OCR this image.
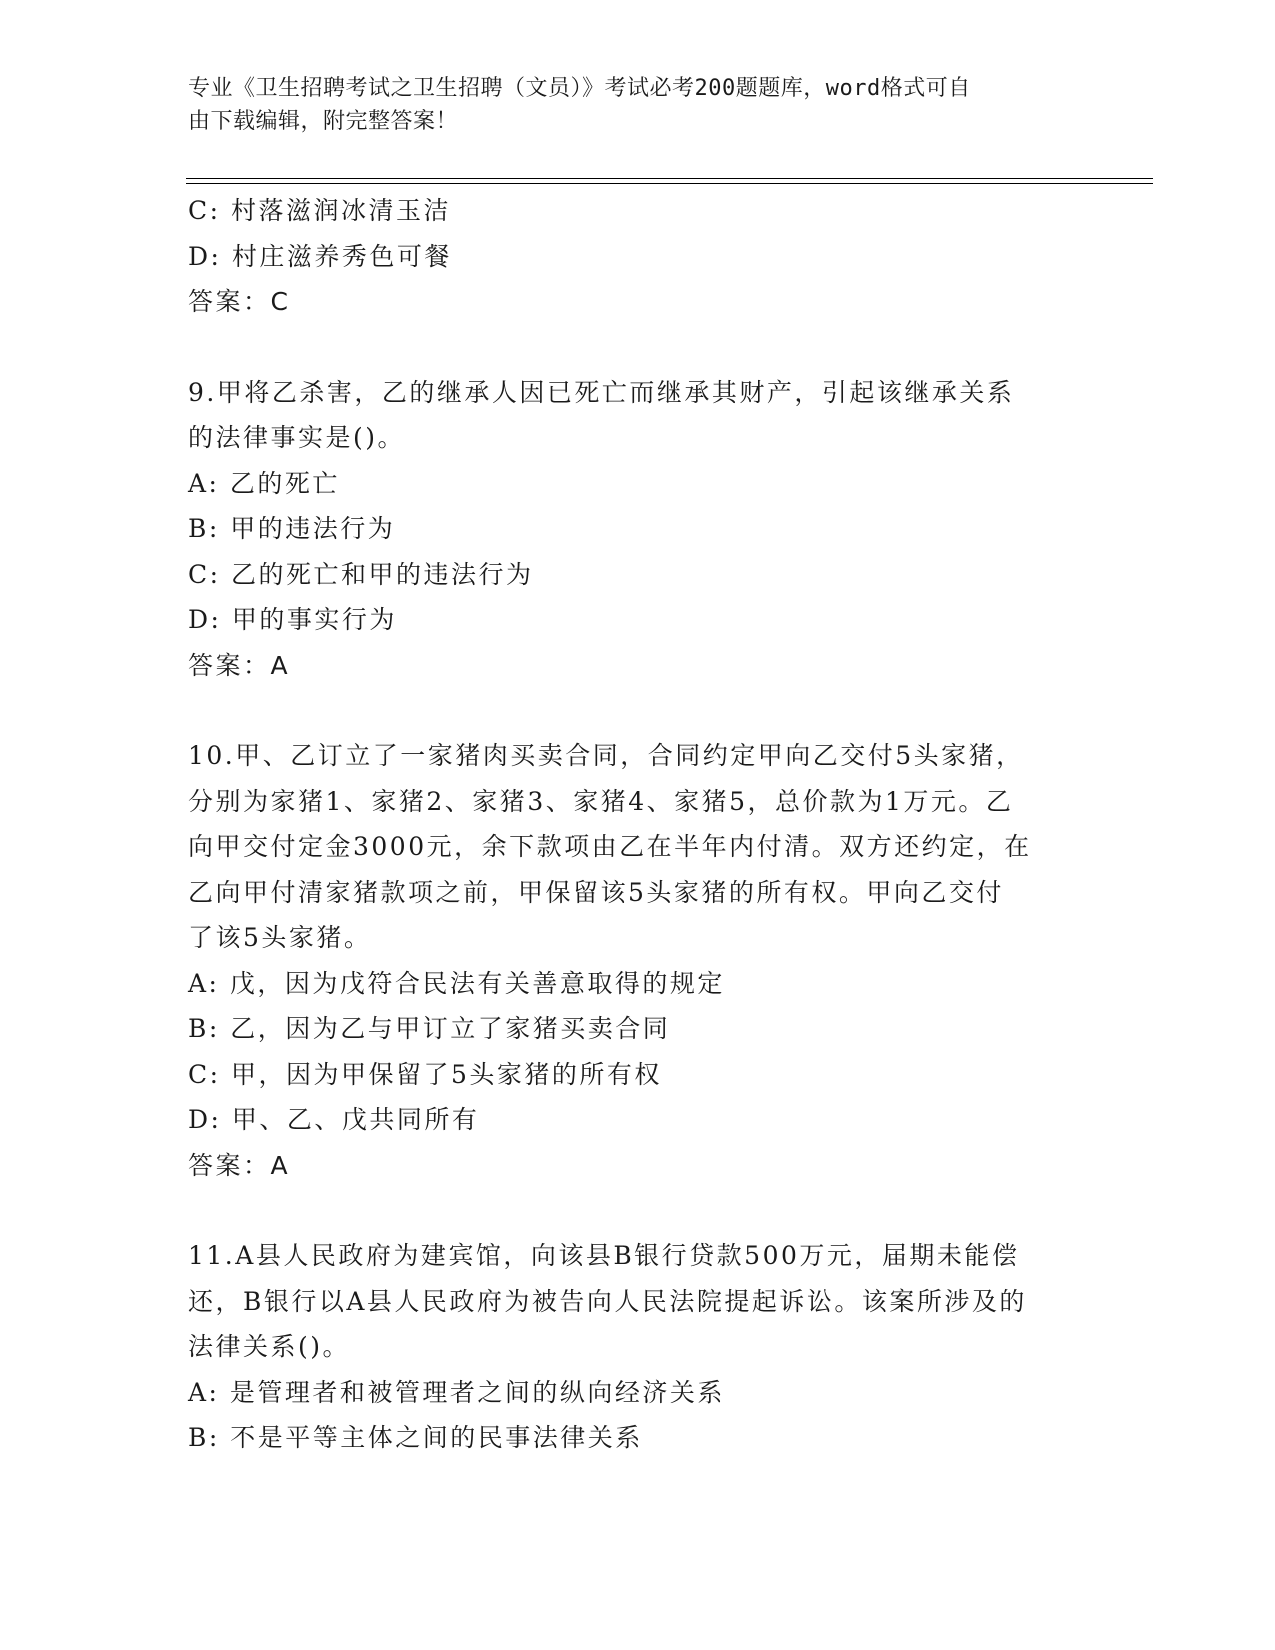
专业《卫生招聘考试之卫生招聘（文员）》考试必考200题题库，word格式可自
由下载编辑，附完整答案！
C: 村落滋润冰清玉洁
D: 村庄滋养秀色可餐
答案：C
9.甲将乙杀害，乙的继承人因已死亡而继承其财产，引起该继承关系
的法律事实是()。
A: 乙的死亡
B: 甲的违法行为
C: 乙的死亡和甲的违法行为
D: 甲的事实行为
答案：A
10.甲、乙订立了一家猪肉买卖合同，合同约定甲向乙交付5头家猪，
分别为家猪1、家猪2、家猪3、家猪4、家猪5，总价款为1万元。乙
向甲交付定金3000元，余下款项由乙在半年内付清。双方还约定，在
乙向甲付清家猪款项之前，甲保留该5头家猪的所有权。甲向乙交付
了该5头家猪。
A: 戊，因为戊符合民法有关善意取得的规定
B: 乙，因为乙与甲订立了家猪买卖合同
C: 甲，因为甲保留了5头家猪的所有权
D: 甲、乙、戊共同所有
答案：A
11.A县人民政府为建宾馆，向该县B银行贷款500万元，届期未能偿
还，B银行以A县人民政府为被告向人民法院提起诉讼。该案所涉及的
法律关系()。
A: 是管理者和被管理者之间的纵向经济关系
B: 不是平等主体之间的民事法律关系
